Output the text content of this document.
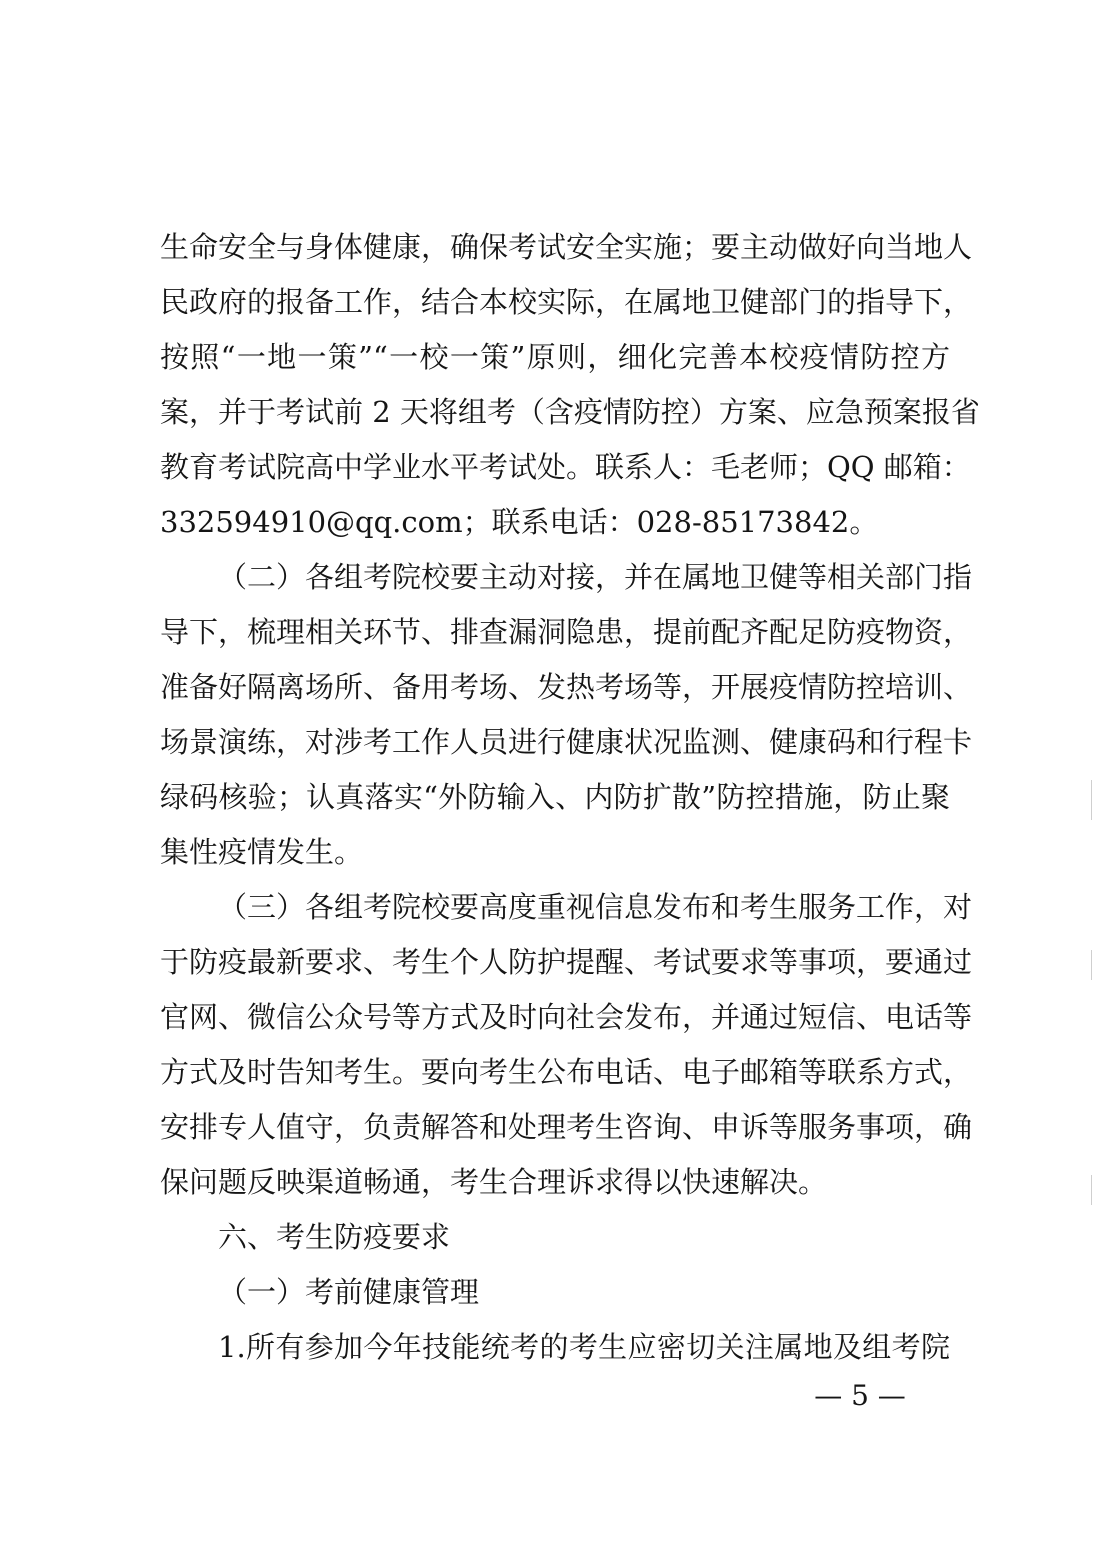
生命安全与身体健康，确保考试安全实施；要主动做好向当地人
民政府的报备工作，结合本校实际，在属地卫健部门的指导下，
按照“一地一策”“一校一策”原则，细化完善本校疫情防控方
案，并于考试前 2 天将组考（含疫情防控）方案、应急预案报省
教育考试院高中学业水平考试处。联系人：毛老师；QQ 邮箱：
332594910@qq.com；联系电话：028-85173842。
（二）各组考院校要主动对接，并在属地卫健等相关部门指
导下，梳理相关环节、排查漏洞隐患，提前配齐配足防疫物资，
准备好隔离场所、备用考场、发热考场等，开展疫情防控培训、
场景演练，对涉考工作人员进行健康状况监测、健康码和行程卡
绿码核验；认真落实“外防输入、内防扩散”防控措施，防止聚
集性疫情发生。
（三）各组考院校要高度重视信息发布和考生服务工作，对
于防疫最新要求、考生个人防护提醒、考试要求等事项，要通过
官网、微信公众号等方式及时向社会发布，并通过短信、电话等
方式及时告知考生。要向考生公布电话、电子邮箱等联系方式，
安排专人值守，负责解答和处理考生咨询、申诉等服务事项，确
保问题反映渠道畅通，考生合理诉求得以快速解决。
六、考生防疫要求
（一）考前健康管理
1.所有参加今年技能统考的考生应密切关注属地及组考院
— 5 —
